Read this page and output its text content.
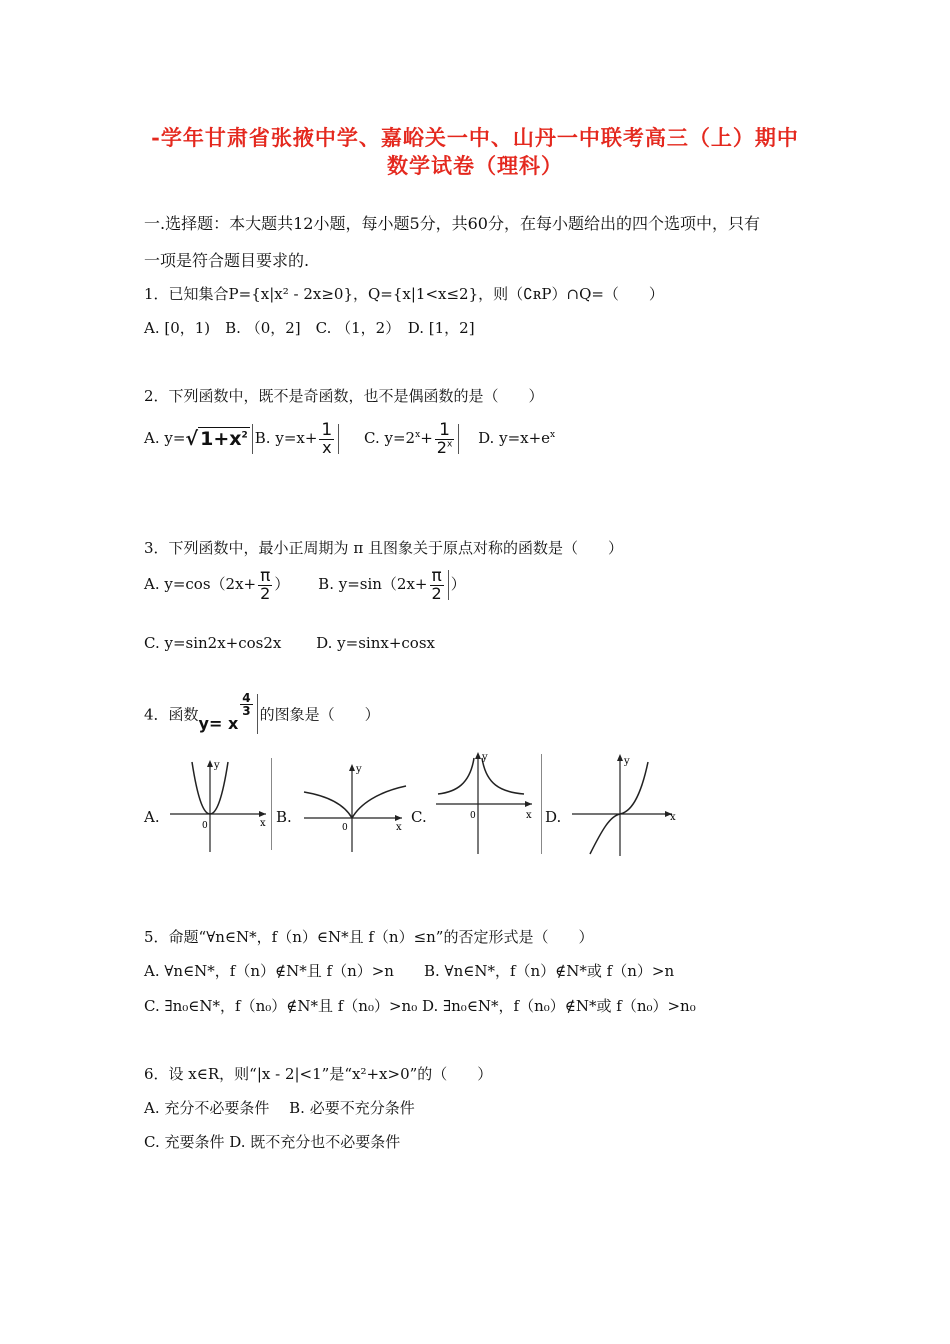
-学年甘肃省张掖中学、嘉峪关一中、山丹一中联考高三（上）期中
数学试卷（理科）
一.选择题：本大题共12小题，每小题5分，共60分，在每小题给出的四个选项中，只有
一项是符合题目要求的.
1．已知集合P={x|x² - 2x≥0}，Q={x|1<x≤2}，则（∁ʀP）∩Q=（　　）
A. [0，1)　B. （0，2]　C. （1，2）　D. [1，2]
2．下列函数中，既不是奇函数，也不是偶函数的是（　　）
A. y=√ $1+x^2$ B. $y=x+ \frac{1}{x} C$. $y=2^x+ \frac{1}{2^x} D$. $y=x+e^x$
3．下列函数中，最小正周期为 π 且图象关于原点对称的函数是（　　）
A. $y=\cos(2x+ \frac{\pi}{2}$ ） B. $y=\sin(2x+ \frac{\pi}{2}$ ）
C. y=sin2x+cos2x　　 D. y=sinx+cosx
4．函数y= x
$\frac{4}{3}$ 的图象是（　　）
A.	B.	C.	D.
y
x
0
y
x
0
y
x
0
y
x
5．命题“∀n∈N*，f（n）∈N*且 f（n）≤n”的否定形式是（　　）
A. ∀n∈N*，f（n）∉N*且 f（n）>n　　B. ∀n∈N*，f（n）∉N*或 f（n）>n
C. ∃n₀∈N*，f（n₀）∉N*且 f（n₀）>n₀ D. ∃n₀∈N*，f（n₀）∉N*或 f（n₀）>n₀
6．设 x∈R，则“|x - 2|<1”是“x²+x>0”的（　　）
A. 充分不必要条件　 B. 必要不充分条件
C. 充要条件 D. 既不充分也不必要条件
